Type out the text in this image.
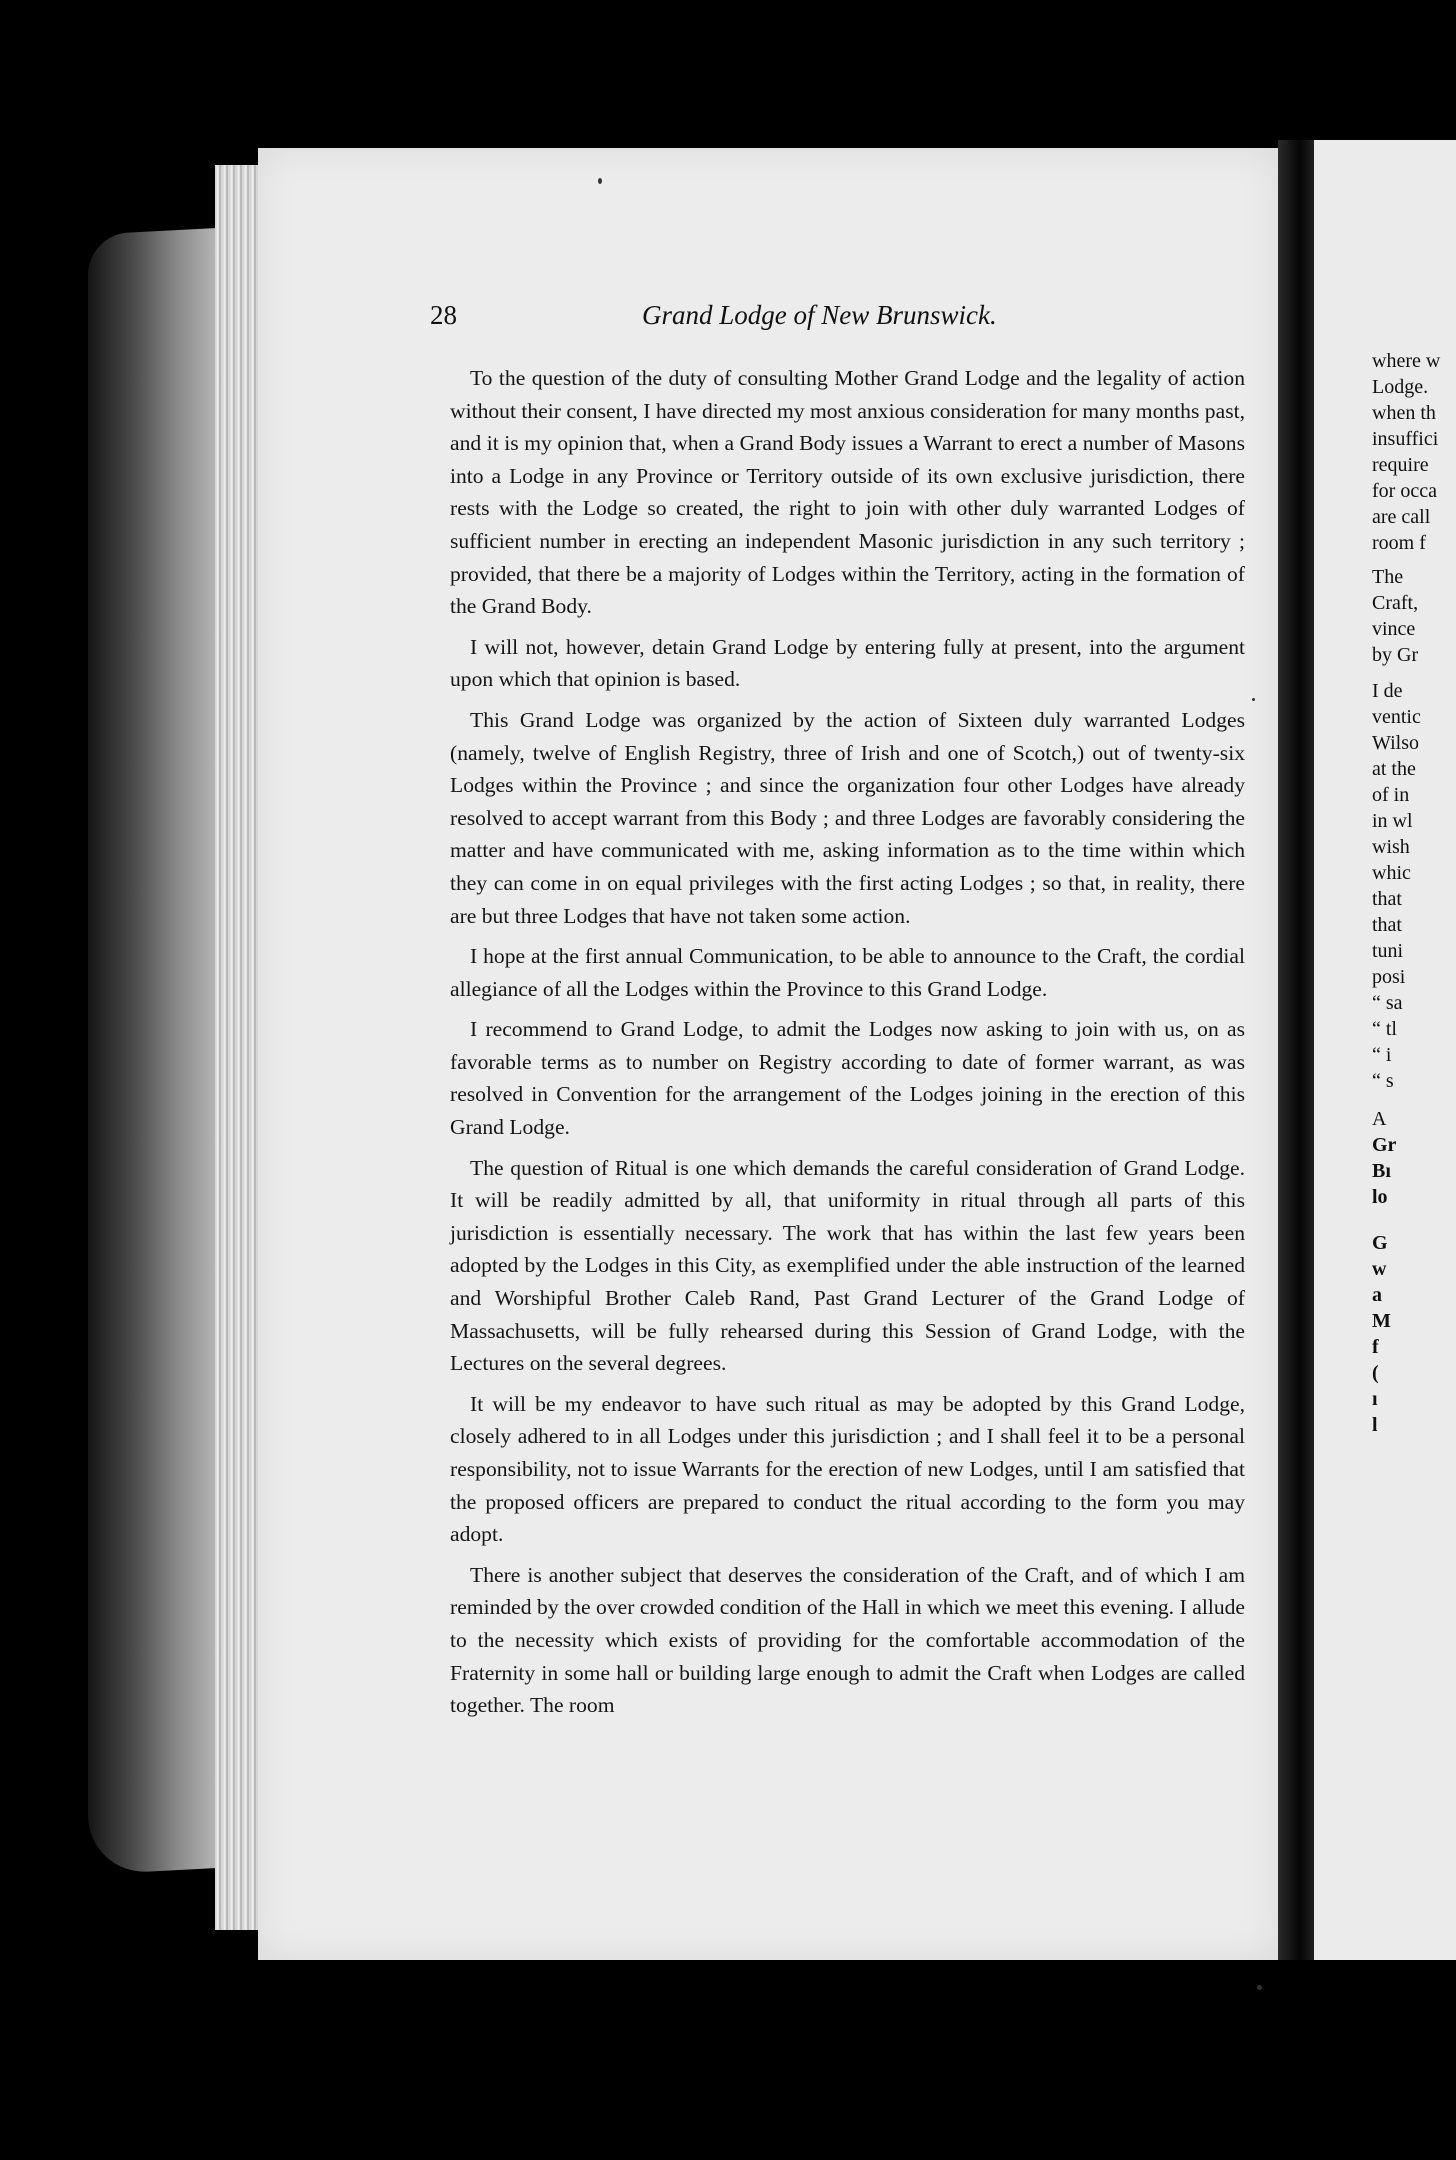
where w
Lodge.
when th
insuffici
require
for occa
are call
room f
The
Craft,
vince
by Gr
I de
ventic
Wilso
at the
of in
in wl
wish
whic
that
that
tuni
posi
“ sa
“ tl
“ i
“ s
A
Gr
Bı
lo
G
w
a
M
f
(
ı
l
28	Grand Lodge of New Brunswick.

To the question of the duty of consulting Mother Grand Lodge and the legality of action without their consent, I have directed my most anxious consideration for many months past, and it is my opinion that, when a Grand Body issues a Warrant to erect a number of Masons into a Lodge in any Province or Territory outside of its own exclusive jurisdiction, there rests with the Lodge so created, the right to join with other duly warranted Lodges of sufficient number in erecting an independent Masonic jurisdiction in any such territory ; provided, that there be a majority of Lodges within the Territory, acting in the formation of the Grand Body.

I will not, however, detain Grand Lodge by entering fully at present, into the argument upon which that opinion is based.

This Grand Lodge was organized by the action of Sixteen duly warranted Lodges (namely, twelve of English Registry, three of Irish and one of Scotch,) out of twenty-six Lodges within the Province ; and since the organization four other Lodges have already resolved to accept warrant from this Body ; and three Lodges are favorably considering the matter and have communicated with me, asking information as to the time within which they can come in on equal privileges with the first acting Lodges ; so that, in reality, there are but three Lodges that have not taken some action.

I hope at the first annual Communication, to be able to announce to the Craft, the cordial allegiance of all the Lodges within the Province to this Grand Lodge.

I recommend to Grand Lodge, to admit the Lodges now asking to join with us, on as favorable terms as to number on Registry according to date of former warrant, as was resolved in Convention for the arrangement of the Lodges joining in the erection of this Grand Lodge.

The question of Ritual is one which demands the careful consideration of Grand Lodge. It will be readily admitted by all, that uniformity in ritual through all parts of this jurisdiction is essentially necessary. The work that has within the last few years been adopted by the Lodges in this City, as exemplified under the able instruction of the learned and Worshipful Brother Caleb Rand, Past Grand Lecturer of the Grand Lodge of Massachusetts, will be fully rehearsed during this Session of Grand Lodge, with the Lectures on the several degrees.

It will be my endeavor to have such ritual as may be adopted by this Grand Lodge, closely adhered to in all Lodges under this jurisdiction ; and I shall feel it to be a personal responsibility, not to issue Warrants for the erection of new Lodges, until I am satisfied that the proposed officers are prepared to conduct the ritual according to the form you may adopt.

There is another subject that deserves the consideration of the Craft, and of which I am reminded by the over crowded condition of the Hall in which we meet this evening. I allude to the necessity which exists of providing for the comfortable accommodation of the Fraternity in some hall or building large enough to admit the Craft when Lodges are called together. The room
